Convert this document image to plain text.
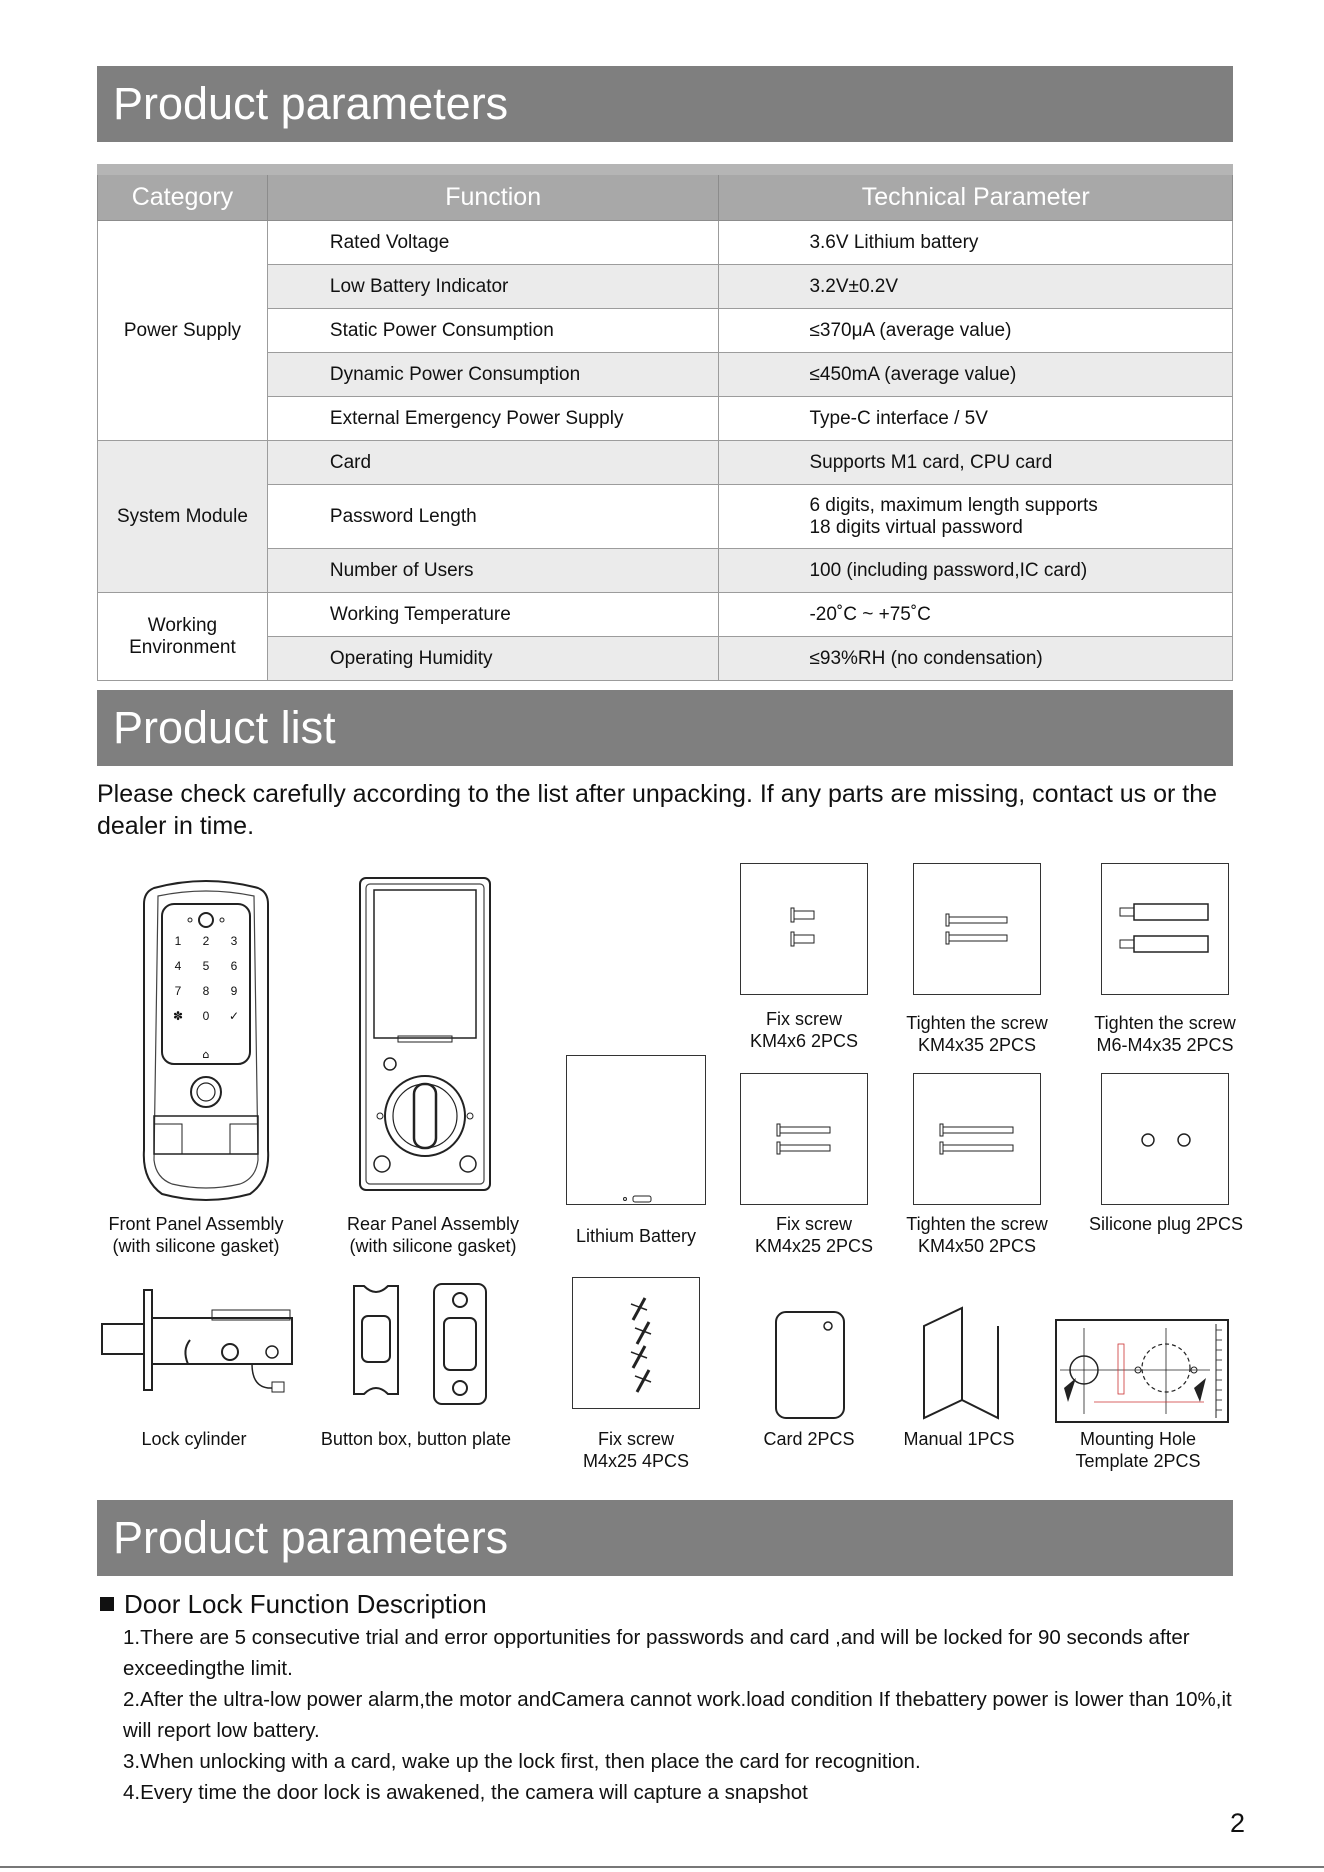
Product parameters
Category	Function	Technical Parameter
Power Supply	Rated Voltage	3.6V Lithium battery
	Low Battery Indicator	3.2V±0.2V
	Static Power Consumption	≤370μA (average value)
	Dynamic Power Consumption	≤450mA (average value)
	External Emergency Power Supply	Type-C interface / 5V
System Module	Card	Supports M1 card, CPU card
	Password Length	6 digits, maximum length supports
18 digits virtual password

	Number of Users	100 (including password,IC card)

Working
Environment	Working Temperature	-20˚C ~ +75˚C
	Operating Humidity	≤93%RH (no condensation)
Product list
Please check carefully according to the list after unpacking. If any parts are missing, contact us or the dealer in time.
⌂
1	2	3
4	5	6
7	8	9
✽	0	✓
Front Panel Assembly
(with silicone gasket)
Rear Panel Assembly
(with silicone gasket)	Lithium Battery
Fix screw
KM4x6 2PCS
Tighten the screw
KM4x35 2PCS
Tighten the screw
M6-M4x35 2PCS
Fix screw
KM4x25 2PCS
Tighten the screw
KM4x50 2PCS
Silicone plug 2PCS
Lock cylinder	Button box, button plate	Fix screw
M4x25 4PCS
Card 2PCS	Manual 1PCS	Mounting Hole
Template 2PCS
Product parameters
Door Lock Function Description

1.There are 5 consecutive trial and error opportunities for passwords and card ,and will be locked for 90 seconds after exceedingthe limit.

2.After the ultra-low power alarm,the motor andCamera cannot work.load condition If thebattery power is lower than 10%,it will report low battery.

3.When unlocking with a card, wake up the lock first, then place the card for recognition.

4.Every time the door lock is awakened, the camera will capture a snapshot

2
